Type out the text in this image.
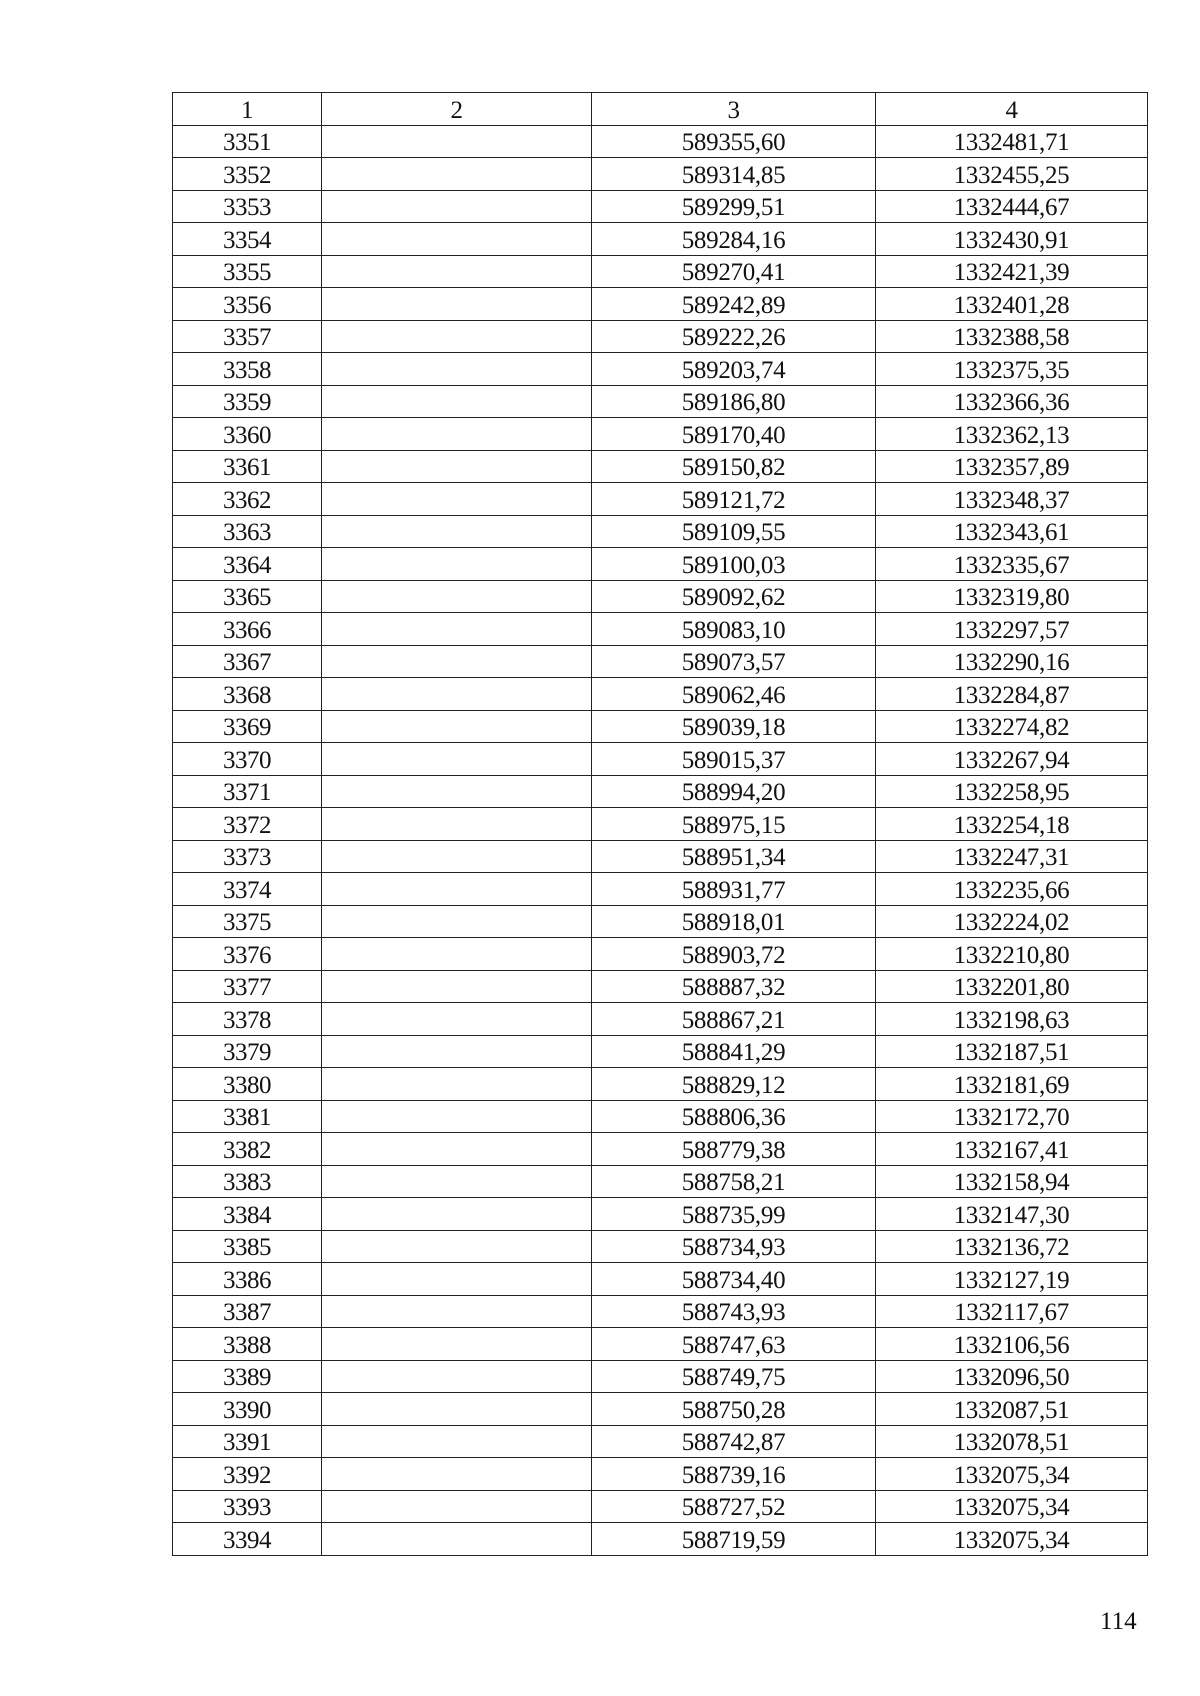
1	2	3	4
3351		589355,60	1332481,71
3352		589314,85	1332455,25
3353		589299,51	1332444,67
3354		589284,16	1332430,91
3355		589270,41	1332421,39
3356		589242,89	1332401,28
3357		589222,26	1332388,58
3358		589203,74	1332375,35
3359		589186,80	1332366,36
3360		589170,40	1332362,13
3361		589150,82	1332357,89
3362		589121,72	1332348,37
3363		589109,55	1332343,61
3364		589100,03	1332335,67
3365		589092,62	1332319,80
3366		589083,10	1332297,57
3367		589073,57	1332290,16
3368		589062,46	1332284,87
3369		589039,18	1332274,82
3370		589015,37	1332267,94
3371		588994,20	1332258,95
3372		588975,15	1332254,18
3373		588951,34	1332247,31
3374		588931,77	1332235,66
3375		588918,01	1332224,02
3376		588903,72	1332210,80
3377		588887,32	1332201,80
3378		588867,21	1332198,63
3379		588841,29	1332187,51
3380		588829,12	1332181,69
3381		588806,36	1332172,70
3382		588779,38	1332167,41
3383		588758,21	1332158,94
3384		588735,99	1332147,30
3385		588734,93	1332136,72
3386		588734,40	1332127,19
3387		588743,93	1332117,67
3388		588747,63	1332106,56
3389		588749,75	1332096,50
3390		588750,28	1332087,51
3391		588742,87	1332078,51
3392		588739,16	1332075,34
3393		588727,52	1332075,34
3394		588719,59	1332075,34
114
